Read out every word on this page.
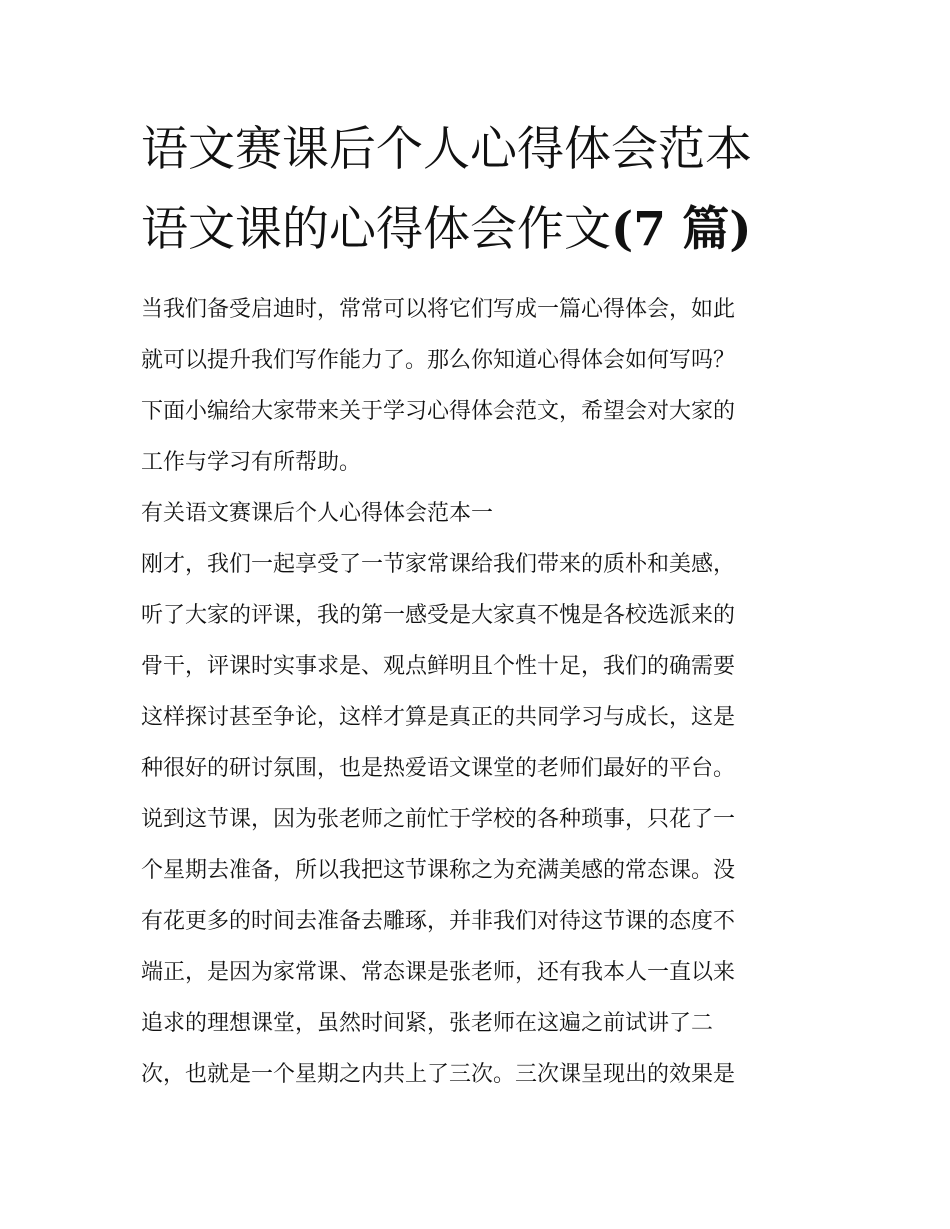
语文赛课后个人心得体会范本
语文课的心得体会作文(7 篇)
当我们备受启迪时，常常可以将它们写成一篇心得体会，如此
就可以提升我们写作能力了。那么你知道心得体会如何写吗？
下面小编给大家带来关于学习心得体会范文，希望会对大家的
工作与学习有所帮助。
有关语文赛课后个人心得体会范本一
刚才，我们一起享受了一节家常课给我们带来的质朴和美感，
听了大家的评课，我的第一感受是大家真不愧是各校选派来的
骨干，评课时实事求是、观点鲜明且个性十足，我们的确需要
这样探讨甚至争论，这样才算是真正的共同学习与成长，这是
种很好的研讨氛围，也是热爱语文课堂的老师们最好的平台。
说到这节课，因为张老师之前忙于学校的各种琐事，只花了一
个星期去准备，所以我把这节课称之为充满美感的常态课。没
有花更多的时间去准备去雕琢，并非我们对待这节课的态度不
端正，是因为家常课、常态课是张老师，还有我本人一直以来
追求的理想课堂，虽然时间紧，张老师在这遍之前试讲了二
次，也就是一个星期之内共上了三次。三次课呈现出的效果是
